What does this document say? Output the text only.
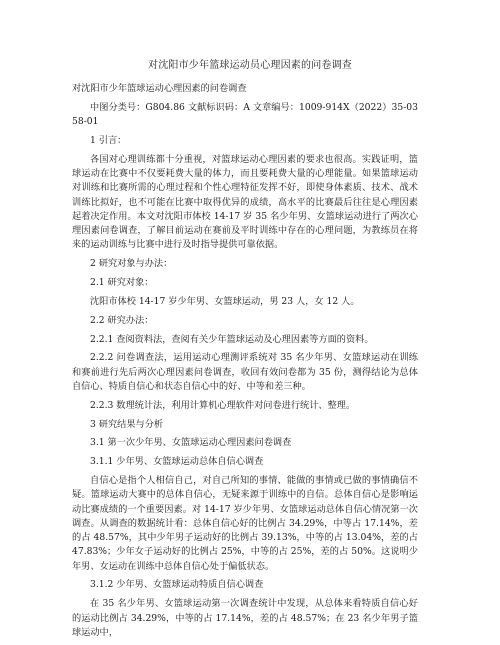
对沈阳市少年篮球运动员心理因素的问卷调查
对沈阳市少年篮球运动心理因素的问卷调查
中图分类号：G804.86 文献标识码：A 文章编号：1009-914X（2022）35-0358-01
1 引言：
各国对心理训练都十分重视，对篮球运动心理因素的要求也很高。实践证明，篮球运动在比赛中不仅要耗费大量的体力，而且要耗费大量的心理能量。如果篮球运动对训练和比赛所需的心理过程和个性心理特征发挥不好，即使身体素质、技术、战术训练比拟好，也不可能在比赛中取得优异的成绩，高水平的比赛最后往往是心理因素起着决定作用。本文对沈阳市体校 14-17 岁 35 名少年男、女篮球运动进行了两次心理因素问卷调查，了解目前运动在赛前及平时训练中存在的心理问题，为教练员在将来的运动训练与比赛中进行及时指导提供可靠依据。
2 研究对象与办法：
2.1 研究对象：
沈阳市体校 14-17 岁少年男、女篮球运动，男 23 人，女 12 人。
2.2 研究办法：
2.2.1 查阅资料法，查阅有关少年篮球运动及心理因素等方面的资料。
2.2.2 问卷调查法，运用运动心理测评系统对 35 名少年男、女篮球运动在训练和赛前进行先后两次心理因素问卷调查，收回有效问卷都为 35 份，测得结论为总体自信心、特质自信心和状态自信心中的好、中等和差三种。
2.2.3 数理统计法，利用计算机心理软件对问卷进行统计、整理。
3 研究结果与分析
3.1 第一次少年男、女篮球运动心理因素问卷调查
3.1.1 少年男、女篮球运动总体自信心调查
自信心是指个人相信自己，对自己所知的事情、能做的事情或已做的事情确信不疑。篮球运动大赛中的总体自信心，无疑来源于训练中的自信。总体自信心是影响运动比赛成绩的一个重要因素。对 14-17 岁少年男、女篮球运动总体自信心情况第一次调查。从调查的数据统计看：总体自信心好的比例占 34.29%，中等占 17.14%，差的占 48.57%，其中少年男子运动好的比例占 39.13%，中等的占 13.04%，差的占 47.83%；少年女子运动好的比例占 25%，中等的占 25%，差的占 50%。这说明少年男、女运动在训练中总体自信心处于偏低状态。
3.1.2 少年男、女篮球运动特质自信心调查
在 35 名少年男、女篮球运动第一次调查统计中发现，从总体来看特质自信心好的运动比例占 34.29%，中等的占 17.14%，差的占 48.57%；在 23 名少年男子篮球运动中，
